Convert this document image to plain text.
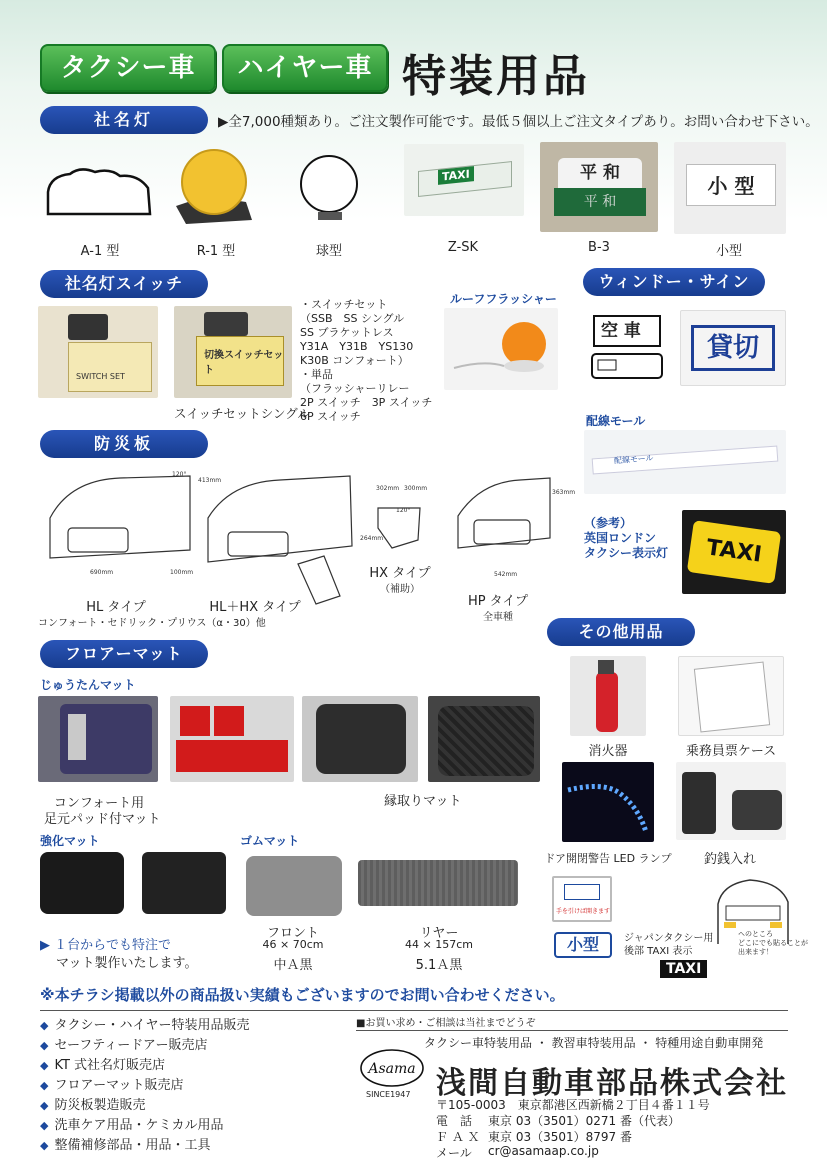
タクシー車	ハイヤー車 特装用品
社名灯	▶全7,000種類あり。ご注文製作可能です。最低５個以上ご注文タイプあり。お問い合わせ下さい。
TAXI	平 和
平 和
小 型
A-1 型	R-1 型	球型	Z-SK	B-3	小型
社名灯スイッチ
SWITCH SET
切換スイッチセット
スイッチセットシングル
・スイッチセット
（SSB　SS シングル
SS ブラケットレス
Y31A　Y31B　YS130
K30B コンフォート）
・単品
（フラッシャーリレー
2P スイッチ　3P スイッチ
6P スイッチ
ルーフフラッシャー
ウィンドー・サイン
空 車
貸切
配線モール
配線モール
（参考）
英国ロンドン
タクシー表示灯	TAXI
防災板
120°
413mm
690mm	100mm
302mm 300mm
120°
264mm
363mm
542mm
HL タイプ
コンフォート・セドリック・プリウス（α・30）他
HL＋HX タイプ
HX タイプ
（補助）
HP タイプ
全車種
その他用品
消火器	乗務員票ケース
ドア開閉警告 LED ランプ	釣銭入れ
手を引けば開きます
小型	ジャパンタクシー用
後部 TAXI 表示
TAXI
ヘのところ
どこにでも貼ることが
出来ます！
フロアーマット
じゅうたんマット
コンフォート用
足元パッド付マット
縁取りマット
強化マット	ゴムマット
▶ １台からでも特注で
マット製作いたします。
フロント
46 × 70cm
中Ａ黒
リヤー
44 × 157cm
5.1Ａ黒
※本チラシ掲載以外の商品扱い実績もございますのでお問い合わせください。
◆ タクシー・ハイヤー特装用品販売
◆ セーフティードアー販売店
◆ KT 式社名灯販売店
◆ フロアーマット販売店
◆ 防災板製造販売
◆ 洗車ケア用品・ケミカル用品
◆ 整備補修部品・用品・工具
■お買い求め・ご相談は当社までどうぞ
タクシー車特装用品 ・ 教習車特装用品 ・ 特種用途自動車開発
Asama
SINCE1947 浅間自動車部品株式会社
〒105-0003　東京都港区西新橋２丁目４番１１号
電　話 東京 03（3501）0271 番（代表）
Ｆ Ａ Ｘ 東京 03（3501）8797 番
メール cr@asamaap.co.jp
